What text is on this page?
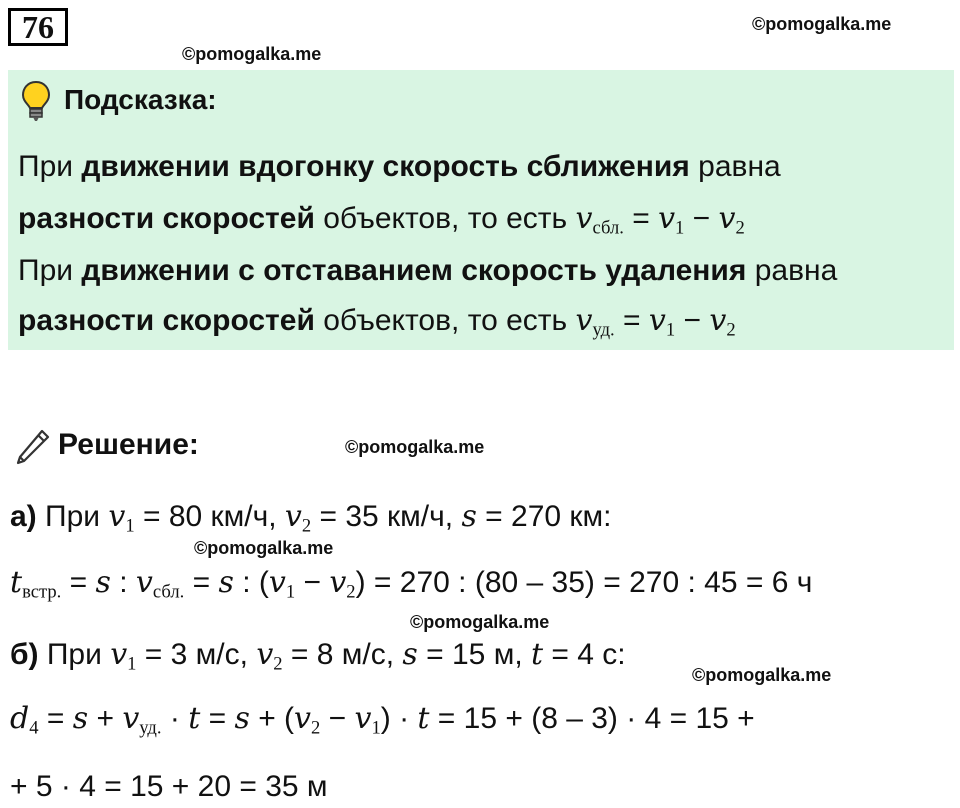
76	©pomogalka.me
©pomogalka.me
Подсказка:
При движении вдогонку скорость сближения равна
разности скоростей объектов, то есть $v_{сбл.} = v_1 - v_2$
При движении с отставанием скорость удаления равна
разности скоростей объектов, то есть $v_{уд.} = v_1 - v_2$
Решение:	©pomogalka.me
а) При $v_1 = 80$ км/ч, $v_2 = 35$ км/ч, s = 270 км:
©pomogalka.me
$t_{встр.} = s$ : $v_{сбл.} = s$ : $(v_1 - v_2) = 270$ : (80 – 35) = 270 : 45 = 6 ч
©pomogalka.me
б) При $v_1 = 3$ м/с, $v_2 = 8$ м/с, s = 15 м, t = 4 с:
©pomogalka.me
$d_4 = s + v_{уд.} \cdot t = s + (v_2 - v_1) \cdot t = 15 + (8 - 3) \cdot 4 = 15$ +
+ 5 · 4 = 15 + 20 = 35 м
